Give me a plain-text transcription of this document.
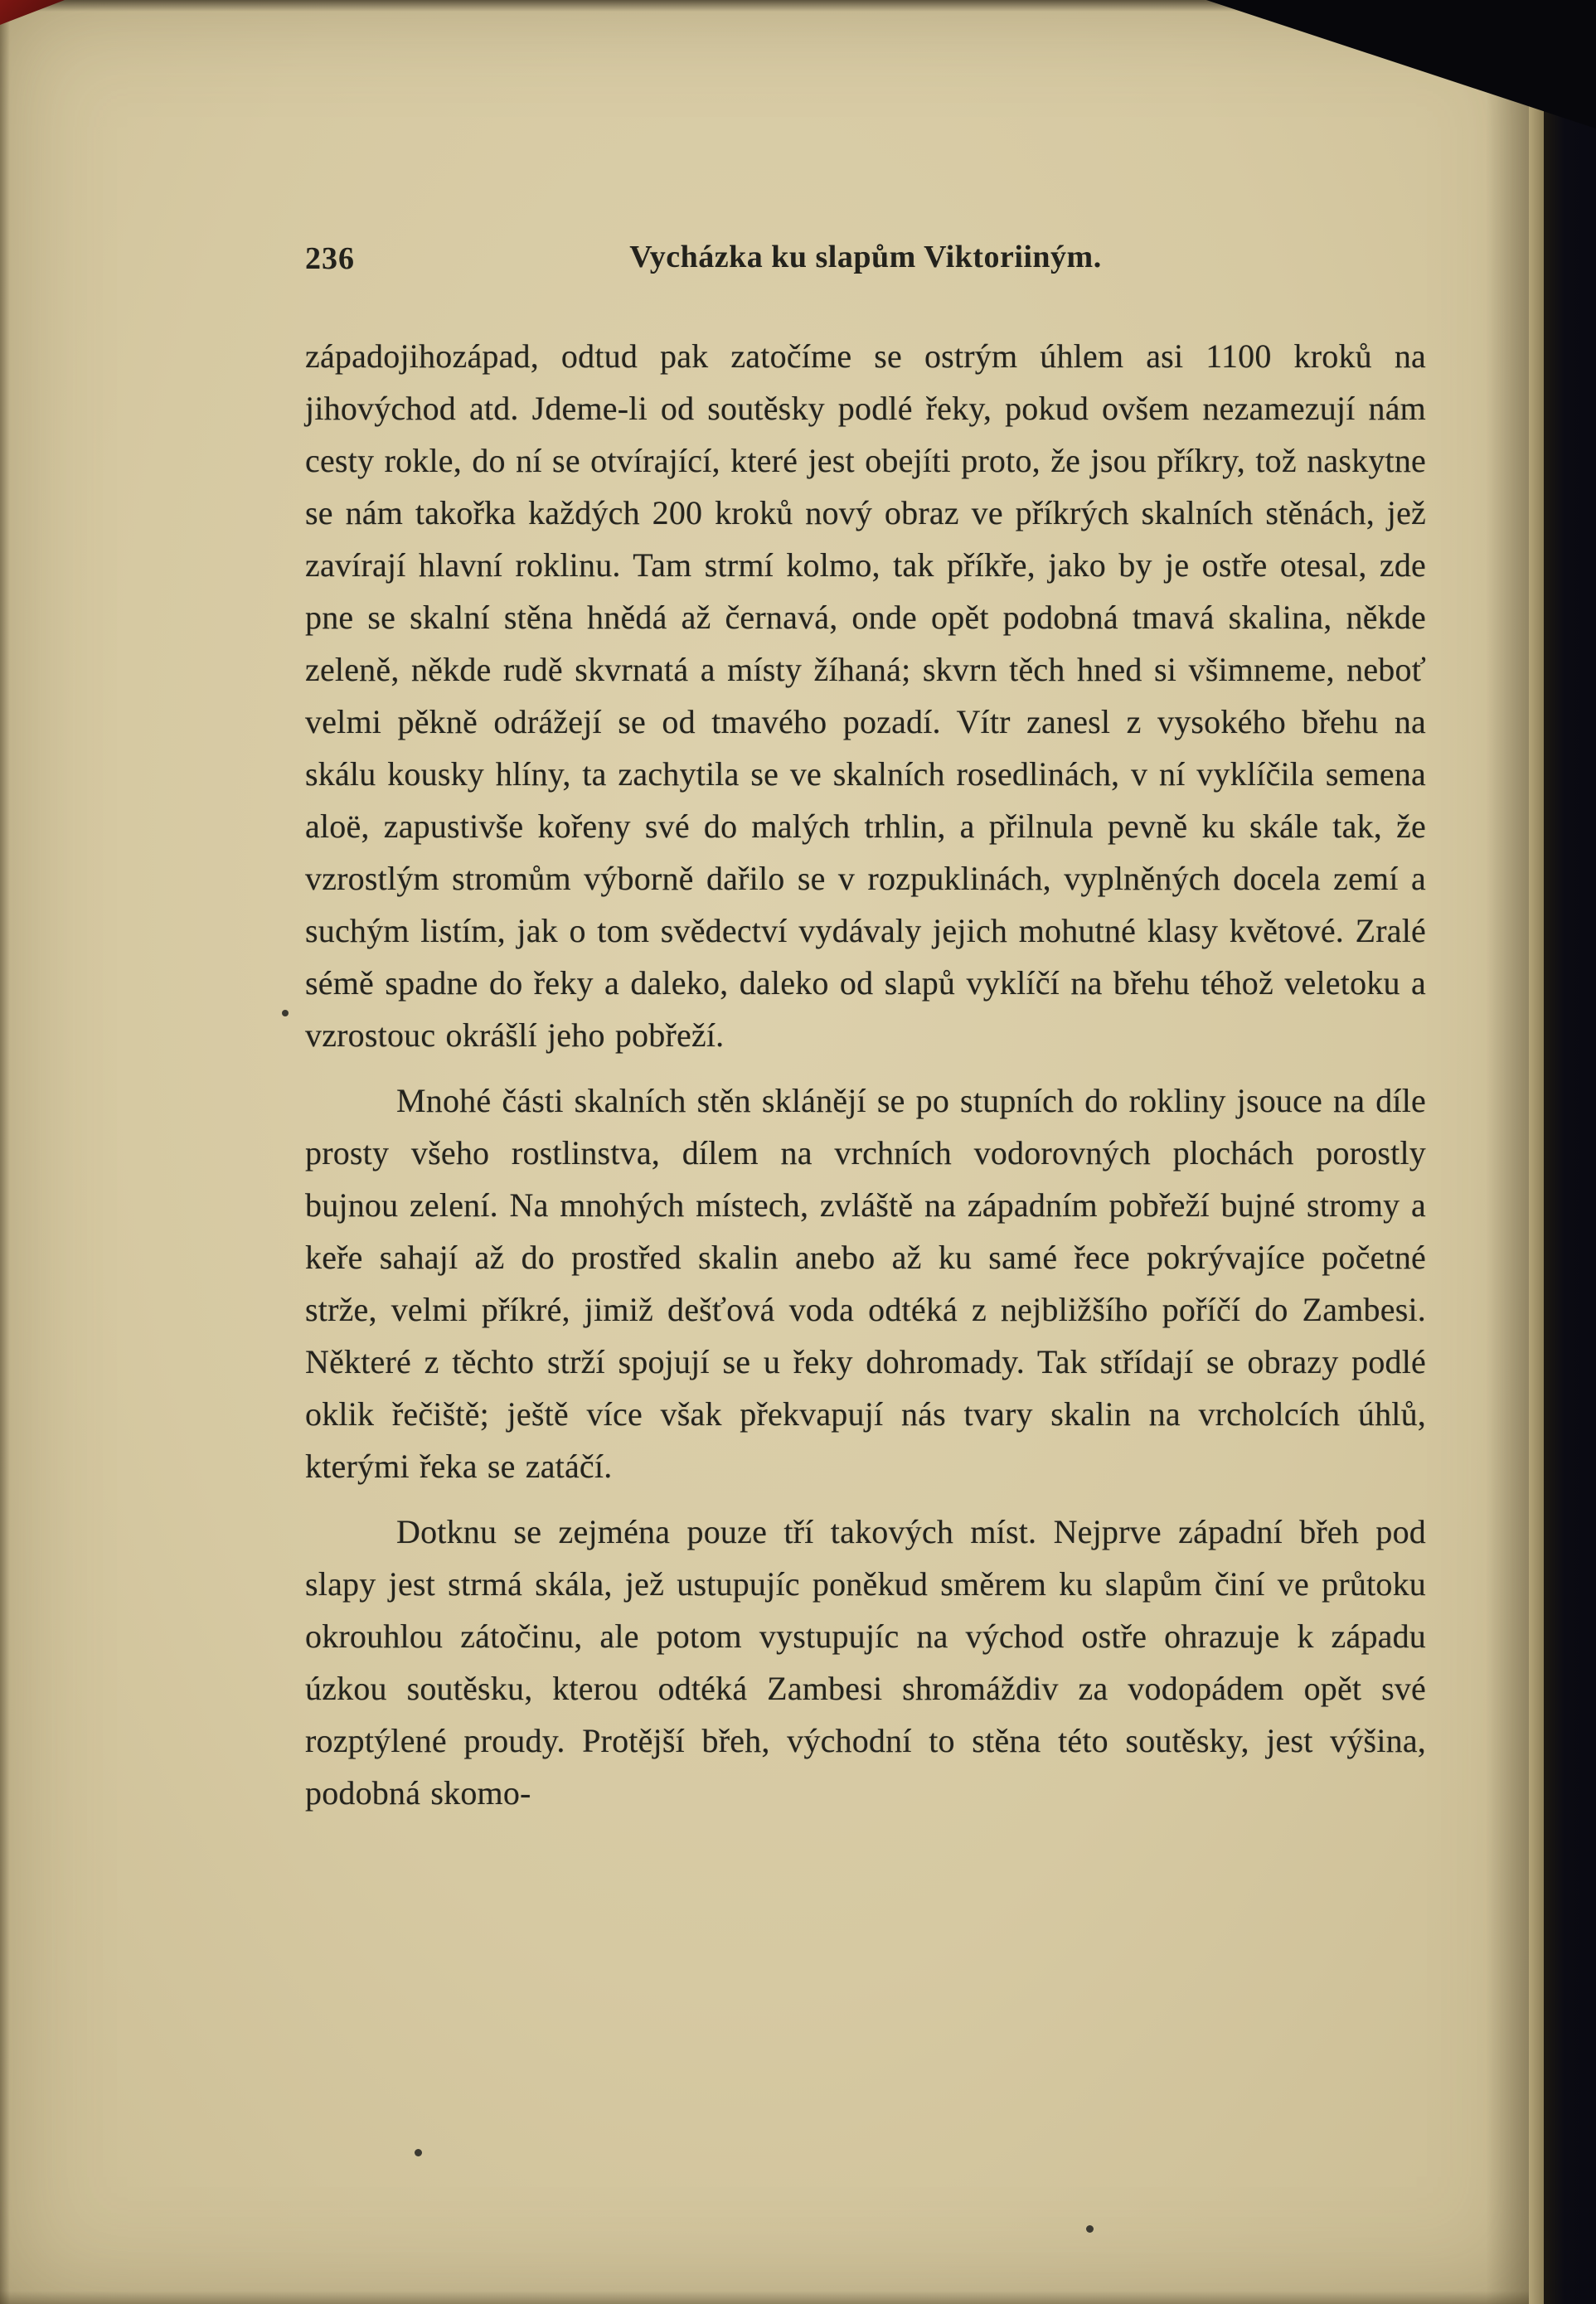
236	Vycházka ku slapům Viktoriiným.

západojihozápad, odtud pak zatočíme se ostrým úhlem asi 1100 kroků na jihovýchod atd. Jdeme-li od soutěsky podlé řeky, pokud ovšem nezamezují nám cesty rokle, do ní se otvírající, které jest obejíti proto, že jsou příkry, tož naskytne se nám takořka každých 200 kroků nový obraz ve příkrých skalních stěnách, jež zavírají hlavní roklinu. Tam strmí kolmo, tak příkře, jako by je ostře otesal, zde pne se skalní stěna hnědá až černavá, onde opět podobná tmavá skalina, někde zeleně, někde rudě skvrnatá a místy žíhaná; skvrn těch hned si všimneme, neboť velmi pěkně odrážejí se od tmavého pozadí. Vítr zanesl z vysokého břehu na skálu kousky hlíny, ta zachytila se ve skalních rosedlinách, v ní vyklíčila semena aloë, zapustivše kořeny své do malých trhlin, a přilnula pevně ku skále tak, že vzrostlým stromům výborně dařilo se v rozpuklinách, vyplněných docela zemí a suchým listím, jak o tom svědectví vydávaly jejich mohutné klasy květové. Zralé sémě spadne do řeky a daleko, daleko od slapů vyklíčí na břehu téhož veletoku a vzrostouc okrášlí jeho pobřeží.

Mnohé části skalních stěn sklánějí se po stupních do rokliny jsouce na díle prosty všeho rostlinstva, dílem na vrchních vodorovných plochách porostly bujnou zelení. Na mnohých místech, zvláště na západním pobřeží bujné stromy a keře sahají až do prostřed skalin anebo až ku samé řece pokrývajíce početné strže, velmi příkré, jimiž dešťová voda odtéká z nejbližšího poříčí do Zambesi. Některé z těchto strží spojují se u řeky dohromady. Tak střídají se obrazy podlé oklik řečiště; ještě více však překvapují nás tvary skalin na vrcholcích úhlů, kterými řeka se zatáčí.

Dotknu se zejména pouze tří takových míst. Nejprve západní břeh pod slapy jest strmá skála, jež ustupujíc poněkud směrem ku slapům činí ve průtoku okrouhlou zátočinu, ale potom vystupujíc na východ ostře ohrazuje k západu úzkou soutěsku, kterou odtéká Zambesi shromáždiv za vodopádem opět své rozptýlené proudy. Protější břeh, východní to stěna této soutěsky, jest výšina, podobná skomo-
